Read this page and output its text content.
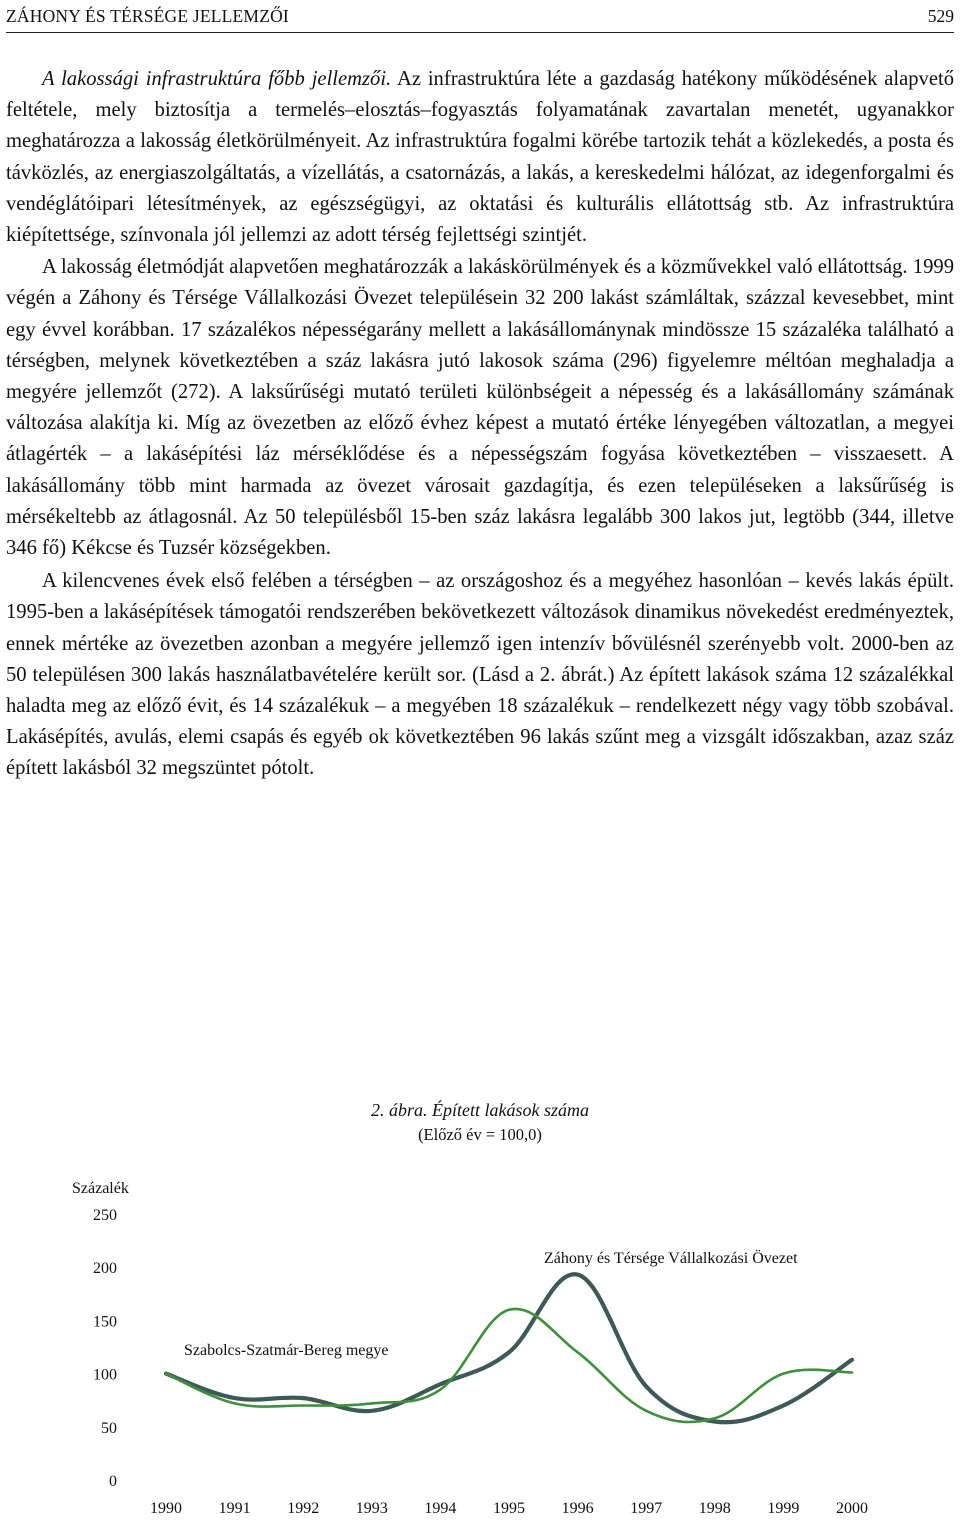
ZÁHONY ÉS TÉRSÉGE JELLEMZŐI	529

A lakossági infrastruktúra főbb jellemzői. Az infrastruktúra léte a gazdaság hatékony működésének alapvető feltétele, mely biztosítja a termelés–elosztás–fogyasztás folyamatának zavartalan menetét, ugyanakkor meghatározza a lakosság életkörülményeit. Az infrastruktúra fogalmi körébe tartozik tehát a közlekedés, a posta és távközlés, az energiaszolgáltatás, a vízellátás, a csatornázás, a lakás, a kereskedelmi hálózat, az idegenforgalmi és vendéglátóipari létesítmények, az egészségügyi, az oktatási és kulturális ellátottság stb. Az infrastruktúra kiépítettsége, színvonala jól jellemzi az adott térség fejlettségi szintjét.

A lakosság életmódját alapvetően meghatározzák a lakáskörülmények és a közművekkel való ellátottság. 1999 végén a Záhony és Térsége Vállalkozási Övezet településein 32 200 lakást számláltak, százzal kevesebbet, mint egy évvel korábban. 17 százalékos népességarány mellett a lakásállománynak mindössze 15 százaléka található a térségben, melynek következtében a száz lakásra jutó lakosok száma (296) figyelemre méltóan meghaladja a megyére jellemzőt (272). A laksűrűségi mutató területi különbségeit a népesség és a lakásállomány számának változása alakítja ki. Míg az övezetben az előző évhez képest a mutató értéke lényegében változatlan, a megyei átlagérték – a lakásépítési láz mérséklődése és a népességszám fogyása következtében – visszaesett. A lakásállomány több mint harmada az övezet városait gazdagítja, és ezen településeken a laksűrűség is mérsékeltebb az átlagosnál. Az 50 településből 15-ben száz lakásra legalább 300 lakos jut, legtöbb (344, illetve 346 fő) Kékcse és Tuzsér községekben.

A kilencvenes évek első felében a térségben – az országoshoz és a megyéhez hasonlóan – kevés lakás épült. 1995-ben a lakásépítések támogatói rendszerében bekövetkezett változások dinamikus növekedést eredményeztek, ennek mértéke az övezetben azonban a megyére jellemző igen intenzív bővülésnél szerényebb volt. 2000-ben az 50 településen 300 lakás használatbavételére került sor. (Lásd a 2. ábrát.) Az épített lakások száma 12 százalékkal haladta meg az előző évit, és 14 százalékuk – a megyében 18 százalékuk – rendelkezett négy vagy több szobával. Lakásépítés, avulás, elemi csapás és egyéb ok következtében 96 lakás szűnt meg a vizsgált időszakban, azaz száz épített lakásból 32 megszüntet pótolt.

2. ábra. Épített lakások száma
(Előző év = 100,0)
Százalék
0
50
100
150
200
250
1990 1991 1992 1993 1994 1995 1996 1997 1998 1999 2000
Záhony és Térsége Vállalkozási Övezet
Szabolcs-Szatmár-Bereg megye
